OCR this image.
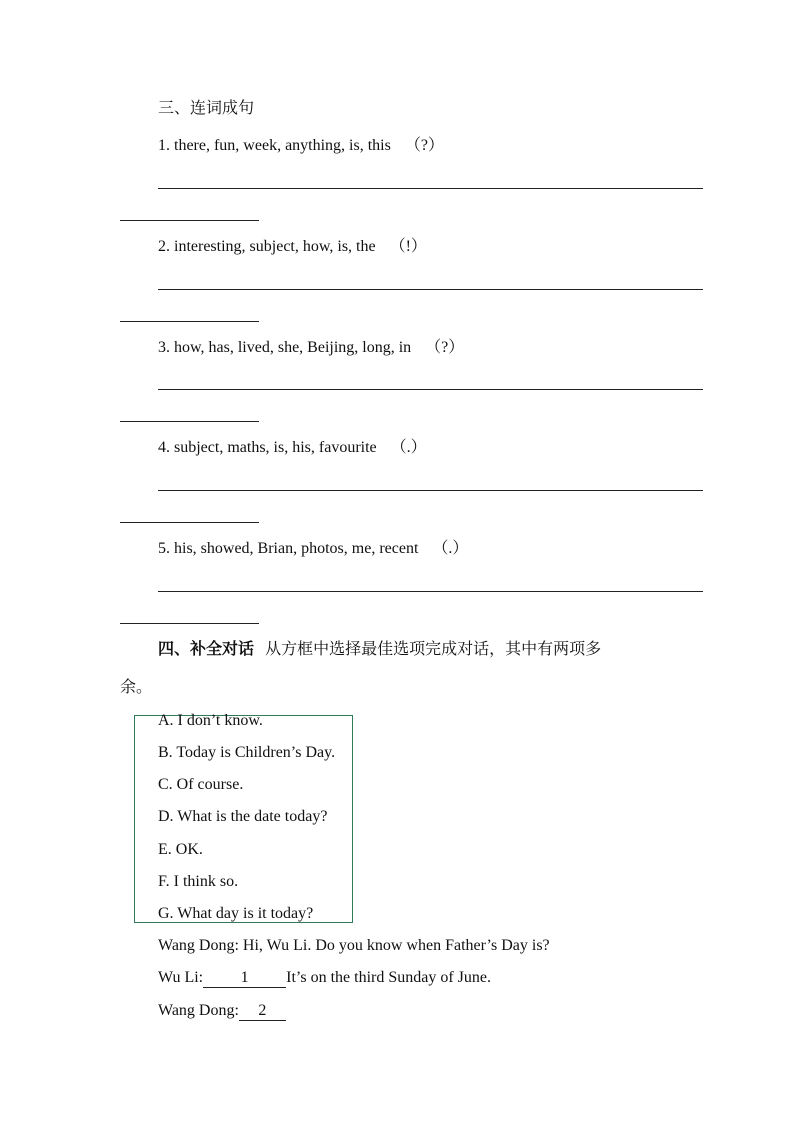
三、连词成句
1. there, fun, week, anything, is, this （?）
2. interesting, subject, how, is, the （!）
3. how, has, lived, she, Beijing, long, in （?）
4. subject, maths, is, his, favourite （.）
5. his, showed, Brian, photos, me, recent （.）
四、补全对话 从方框中选择最佳选项完成对话，其中有两项多
余。
A. I don’t know.
B. Today is Children’s Day.
C. Of course.
D. What is the date today?
E. OK.
F. I think so.
G. What day is it today?
Wang Dong: Hi, Wu Li. Do you know when Father’s Day is?
Wu Li: 1 It’s on the third Sunday of June.
Wang Dong: 2
